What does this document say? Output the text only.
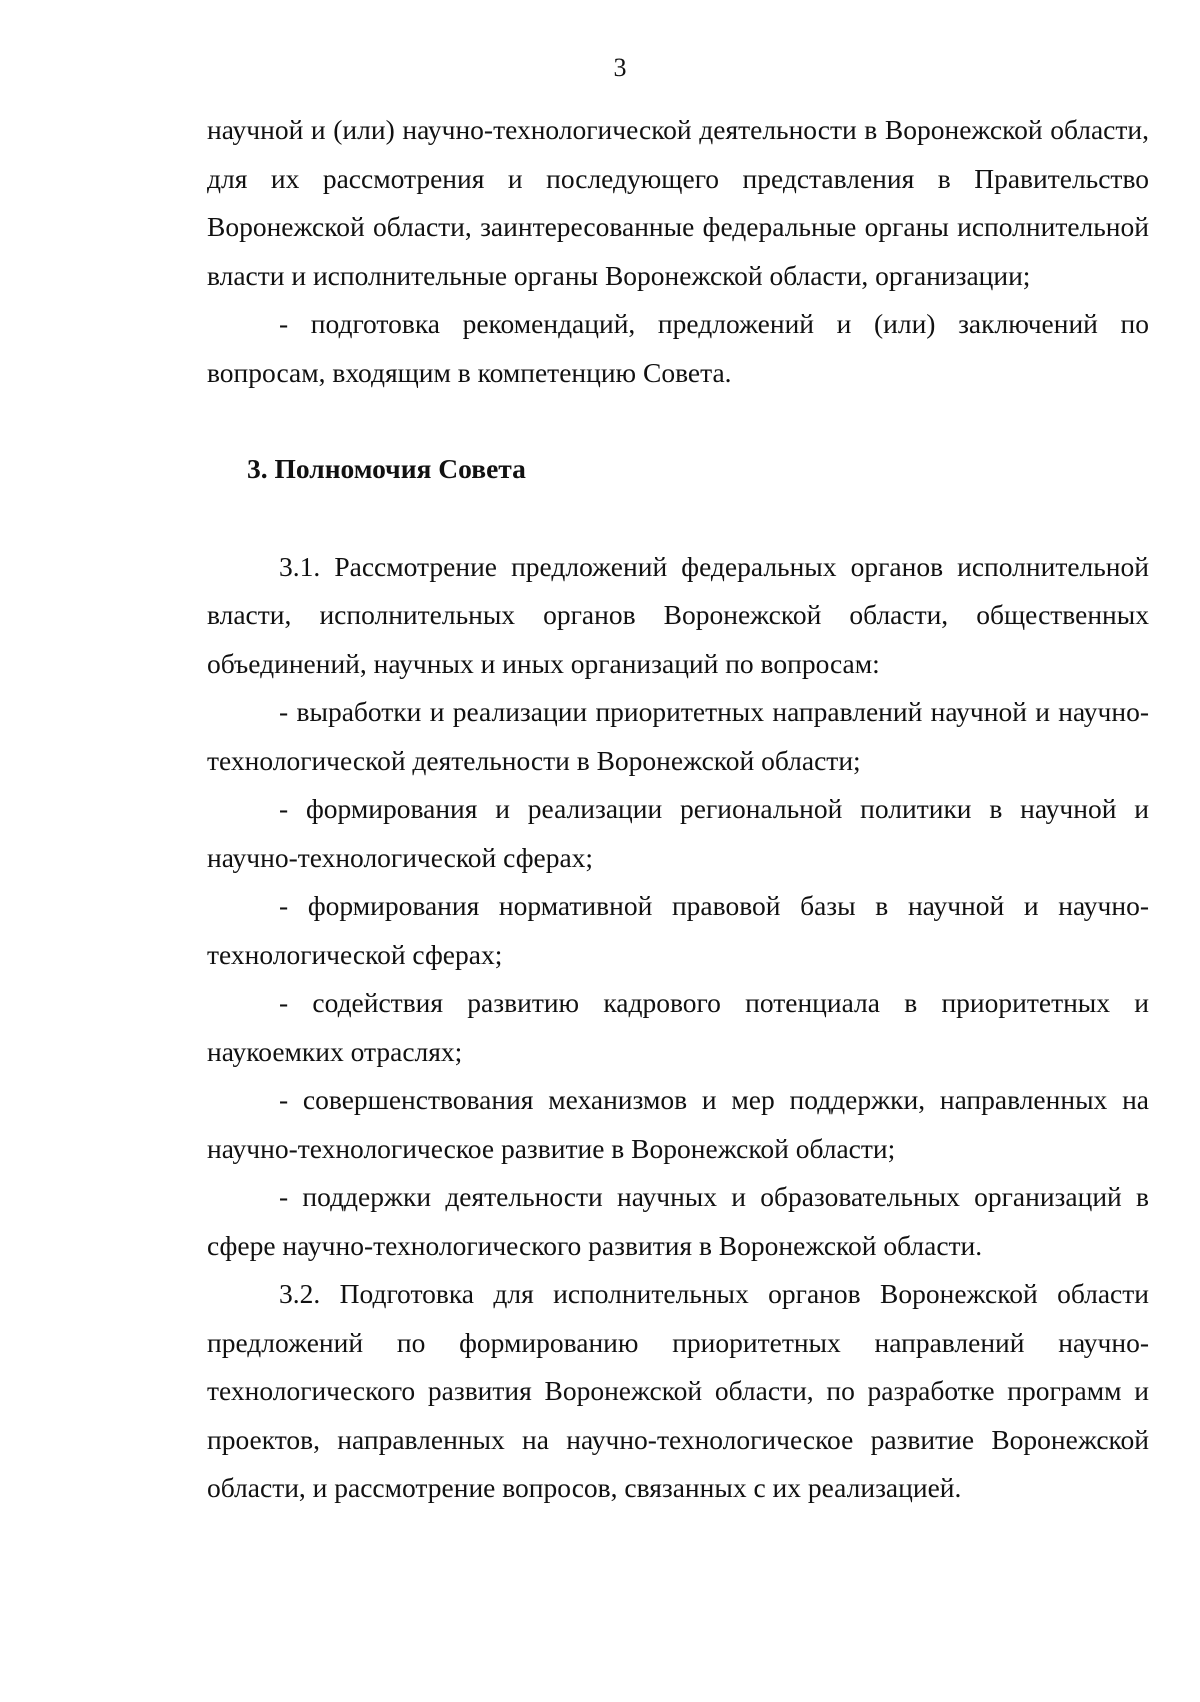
3

научной и (или) научно-технологической деятельности в Воронежской области, для их рассмотрения и последующего представления в Правительство Воронежской области, заинтересованные федеральные органы исполнительной власти и исполнительные органы Воронежской области, организации;

- подготовка рекомендаций, предложений и (или) заключений по вопросам, входящим в компетенцию Совета.

3. Полномочия Совета

3.1. Рассмотрение предложений федеральных органов исполнительной власти, исполнительных органов Воронежской области, общественных объединений, научных и иных организаций по вопросам:

- выработки и реализации приоритетных направлений научной и научно-технологической деятельности в Воронежской области;

- формирования и реализации региональной политики в научной и научно-технологической сферах;

- формирования нормативной правовой базы в научной и научно-технологической сферах;

- содействия развитию кадрового потенциала в приоритетных и наукоемких отраслях;

- совершенствования механизмов и мер поддержки, направленных на научно-технологическое развитие в Воронежской области;

- поддержки деятельности научных и образовательных организаций в сфере научно-технологического развития в Воронежской области.

3.2. Подготовка для исполнительных органов Воронежской области предложений по формированию приоритетных направлений научно-технологического развития Воронежской области, по разработке программ и проектов, направленных на научно-технологическое развитие Воронежской области, и рассмотрение вопросов, связанных с их реализацией.
